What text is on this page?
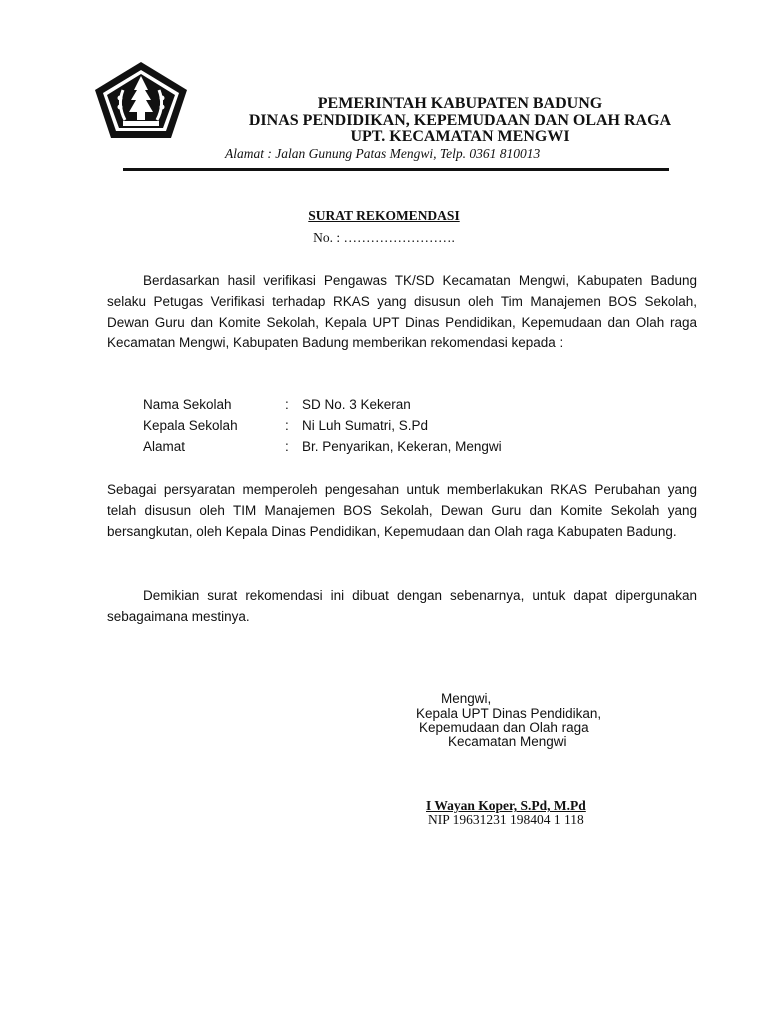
PEMERINTAH KABUPATEN BADUNG
DINAS PENDIDIKAN, KEPEMUDAAN DAN OLAH RAGA
UPT. KECAMATAN MENGWI
Alamat : Jalan Gunung Patas Mengwi, Telp. 0361 810013
SURAT REKOMENDASI
No. : …………………….
Berdasarkan hasil verifikasi Pengawas TK/SD Kecamatan Mengwi, Kabupaten Badung selaku Petugas Verifikasi terhadap RKAS yang disusun oleh Tim Manajemen BOS Sekolah, Dewan Guru dan Komite Sekolah, Kepala UPT Dinas Pendidikan, Kepemudaan dan Olah raga Kecamatan Mengwi, Kabupaten Badung memberikan rekomendasi kepada :
Nama Sekolah	: SD No. 3 Kekeran
Kepala Sekolah	: Ni Luh Sumatri, S.Pd
Alamat	: Br. Penyarikan, Kekeran, Mengwi
Sebagai persyaratan memperoleh pengesahan untuk memberlakukan RKAS Perubahan yang telah disusun oleh TIM Manajemen BOS Sekolah, Dewan Guru dan Komite Sekolah yang bersangkutan, oleh Kepala Dinas Pendidikan, Kepemudaan dan Olah raga Kabupaten Badung.
Demikian surat rekomendasi ini dibuat dengan sebenarnya, untuk dapat dipergunakan sebagaimana mestinya.
Mengwi,
Kepala UPT Dinas Pendidikan,
Kepemudaan dan Olah raga
Kecamatan Mengwi
I Wayan Koper, S.Pd, M.Pd
NIP 19631231 198404 1 118
